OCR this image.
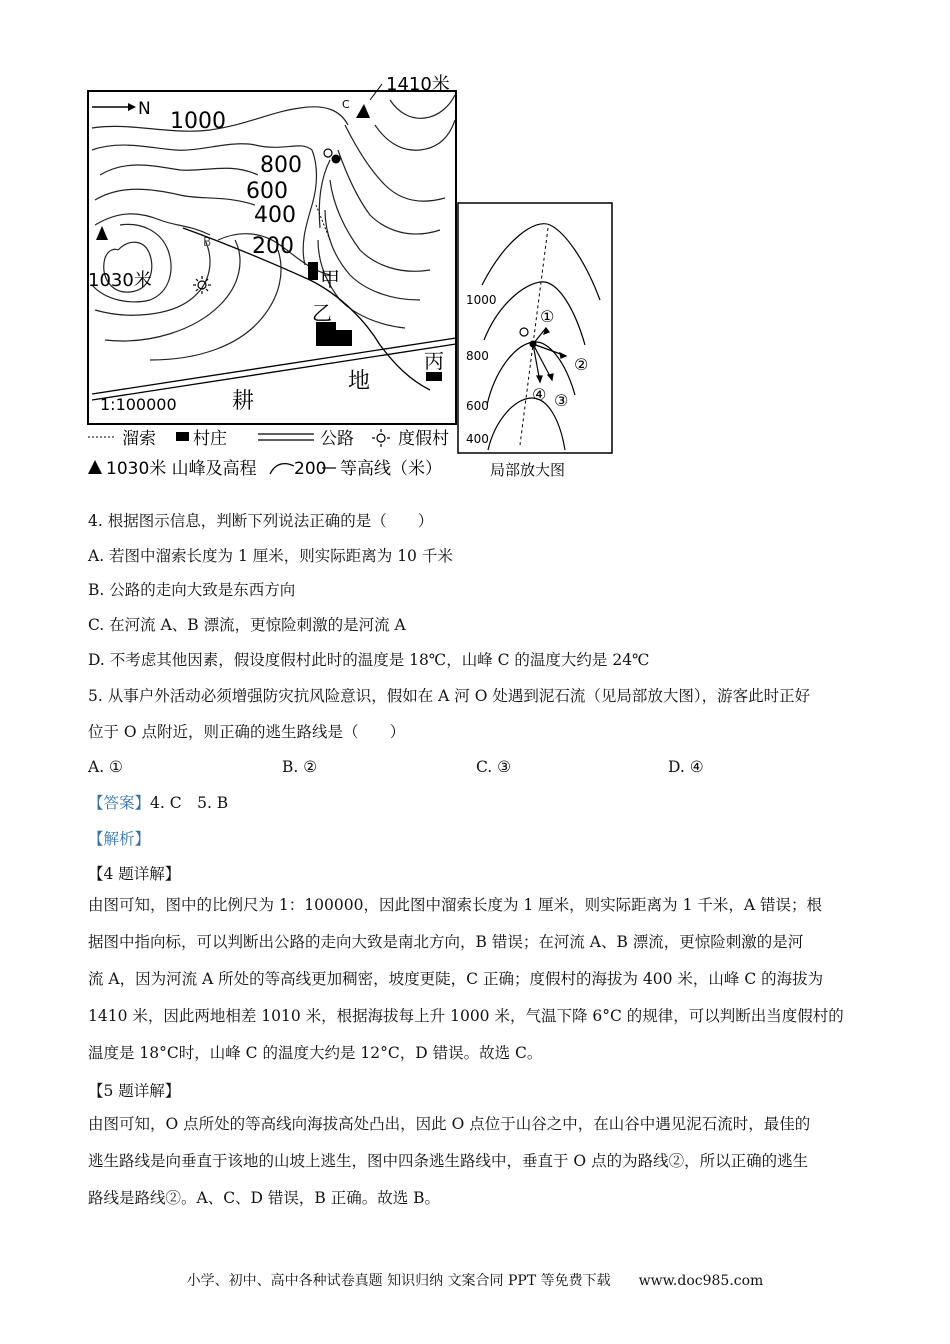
N 1000
800
600
400
200
C
1410米
1030米
B
甲
乙
丙
地
耕
1:100000
1000
800
600
400
①
②
③
④
局部放大图
溜索 村庄	公路	度假村
1030米 山峰及高程 200 等高线（米）
4. 根据图示信息，判断下列说法正确的是（　　）
A. 若图中溜索长度为 1 厘米，则实际距离为 10 千米
B. 公路的走向大致是东西方向
C. 在河流 A、B 漂流，更惊险刺激的是河流 A
D. 不考虑其他因素，假设度假村此时的温度是 18℃，山峰 C 的温度大约是 24℃
5. 从事户外活动必须增强防灾抗风险意识，假如在 A 河 O 处遇到泥石流（见局部放大图），游客此时正好
位于 O 点附近，则正确的逃生路线是（　　）
A. ①	B. ②	C. ③	D. ④
【答案】4. C　5. B
【解析】
【4 题详解】
由图可知，图中的比例尺为 1：100000，因此图中溜索长度为 1 厘米，则实际距离为 1 千米，A 错误；根
据图中指向标，可以判断出公路的走向大致是南北方向，B 错误；在河流 A、B 漂流，更惊险刺激的是河
流 A，因为河流 A 所处的等高线更加稠密，坡度更陡，C 正确；度假村的海拔为 400 米，山峰 C 的海拔为
1410 米，因此两地相差 1010 米，根据海拔每上升 1000 米，气温下降 6°C 的规律，可以判断出当度假村的
温度是 18°C时，山峰 C 的温度大约是 12°C，D 错误。故选 C。
【5 题详解】
由图可知，O 点所处的等高线向海拔高处凸出，因此 O 点位于山谷之中，在山谷中遇见泥石流时，最佳的
逃生路线是向垂直于该地的山坡上逃生，图中四条逃生路线中，垂直于 O 点的为路线②，所以正确的逃生
路线是路线②。A、C、D 错误，B 正确。故选 B。
小学、初中、高中各种试卷真题 知识归纳 文案合同 PPT 等免费下载　　www.doc985.com
